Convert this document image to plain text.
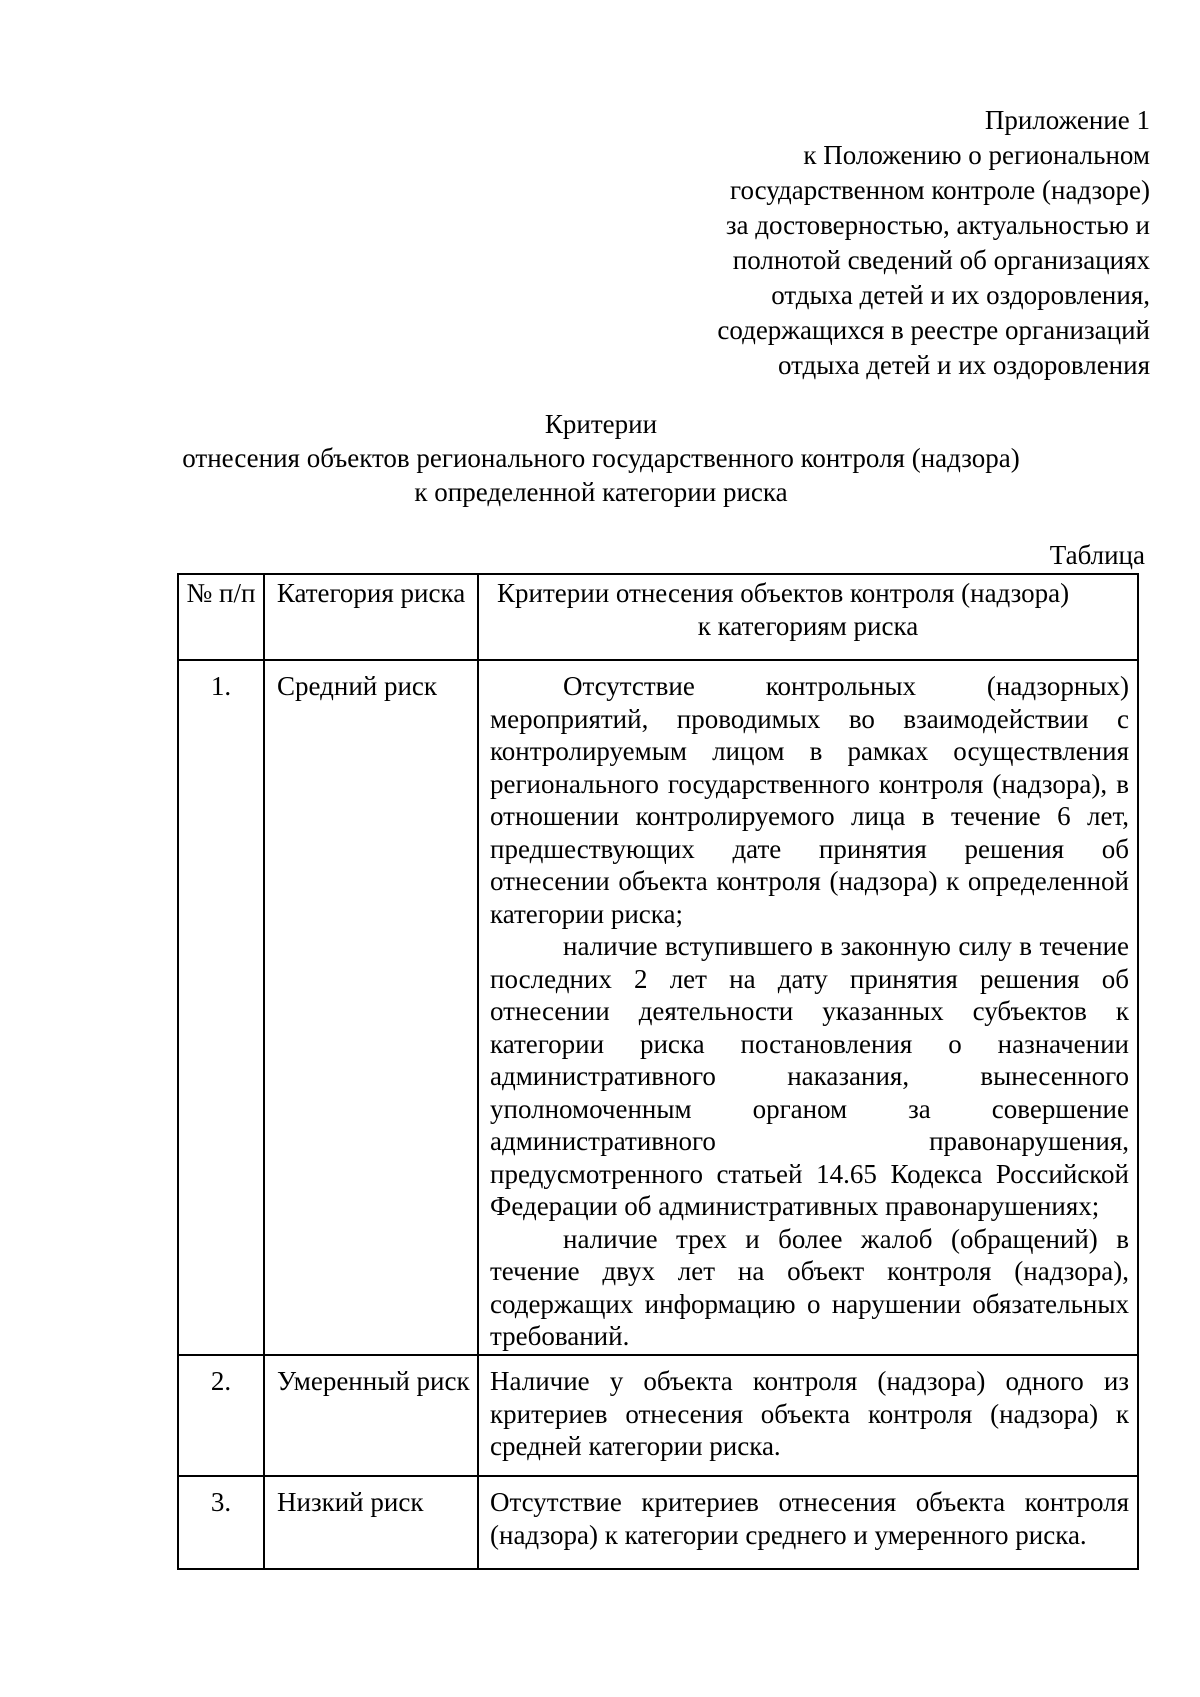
Приложение 1
к Положению о региональном
государственном контроле (надзоре)
за достоверностью, актуальностью и
полнотой сведений об организациях
отдыха детей и их оздоровления,
содержащихся в реестре организаций
отдыха детей и их оздоровления
Критерии
отнесения объектов регионального государственного контроля (надзора)
к определенной категории риска
Таблица
№ п/п	Категория риска	Критерии отнесения объектов контроля (надзора)
к категориям риска

1.	Средний риск	Отсутствие контрольных (надзорных) мероприятий, проводимых во взаимодействии с контролируемым лицом в рамках осуществления регионального государственного контроля (надзора), в отношении контролируемого лица в течение 6 лет, предшествующих дате принятия решения об отнесении объекта контроля (надзора) к определенной категории риска;

наличие вступившего в законную силу в течение последних 2 лет на дату принятия решения об отнесении деятельности указанных субъектов к категории риска постановления о назначении административного наказания, вынесенного уполномоченным органом за совершение административного правонарушения, предусмотренного статьей 14.65 Кодекса Российской Федерации об административных правонарушениях;

наличие трех и более жалоб (обращений) в течение двух лет на объект контроля (надзора), содержащих информацию о нарушении обязательных требований.

2.	Умеренный риск	Наличие у объекта контроля (надзора) одного из критериев отнесения объекта контроля (надзора) к средней категории риска.

3.	Низкий риск	Отсутствие критериев отнесения объекта контроля (надзора) к категории среднего и умеренного риска.
